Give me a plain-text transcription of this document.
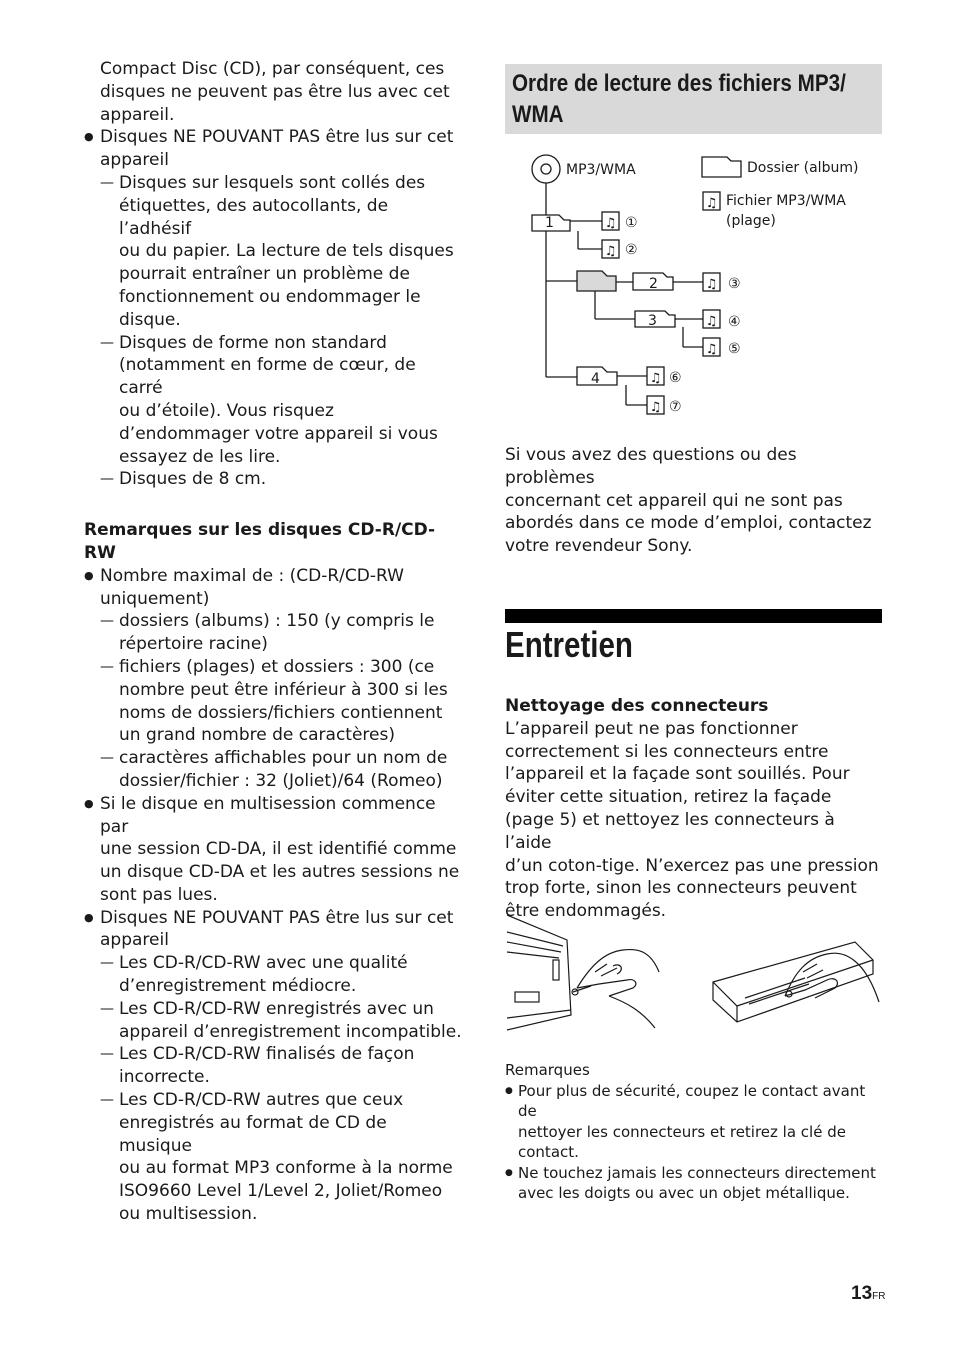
Compact Disc (CD), par conséquent, ces
disques ne peuvent pas être lus avec cet
appareil.

● Disques NE POUVANT PAS être lus sur cet
appareil

— Disques sur lesquels sont collés des
étiquettes, des autocollants, de l’adhésif
ou du papier. La lecture de tels disques
pourrait entraîner un problème de
fonctionnement ou endommager le
disque.

— Disques de forme non standard
(notamment en forme de cœur, de carré
ou d’étoile). Vous risquez
d’endommager votre appareil si vous
essayez de les lire.

— Disques de 8 cm.

Remarques sur les disques CD-R/CD-RW

● Nombre maximal de : (CD-R/CD-RW
uniquement)

— dossiers (albums) : 150 (y compris le
répertoire racine)

— fichiers (plages) et dossiers : 300 (ce
nombre peut être inférieur à 300 si les
noms de dossiers/fichiers contiennent
un grand nombre de caractères)

— caractères affichables pour un nom de
dossier/fichier : 32 (Joliet)/64 (Romeo)

● Si le disque en multisession commence par
une session CD-DA, il est identifié comme
un disque CD-DA et les autres sessions ne
sont pas lues.

● Disques NE POUVANT PAS être lus sur cet
appareil

— Les CD-R/CD-RW avec une qualité
d’enregistrement médiocre.

— Les CD-R/CD-RW enregistrés avec un
appareil d’enregistrement incompatible.

— Les CD-R/CD-RW finalisés de façon
incorrecte.

— Les CD-R/CD-RW autres que ceux
enregistrés au format de CD de musique
ou au format MP3 conforme à la norme
ISO9660 Level 1/Level 2, Joliet/Romeo
ou multisession.

Ordre de lecture des fichiers MP3/
WMA
♫
♫
♫
♫
♫
♫
♫
♫
MP3/WMA	Dossier (album)
Fichier MP3/WMA
(plage)
1
2
3
4
①
②
③
④
⑤
⑥
⑦
Si vous avez des questions ou des problèmes
concernant cet appareil qui ne sont pas
abordés dans ce mode d’emploi, contactez
votre revendeur Sony.
Entretien
Nettoyage des connecteurs

L’appareil peut ne pas fonctionner
correctement si les connecteurs entre
l’appareil et la façade sont souillés. Pour
éviter cette situation, retirez la façade
(page 5) et nettoyez les connecteurs à l’aide
d’un coton-tige. N’exercez pas une pression
trop forte, sinon les connecteurs peuvent
être endommagés.

Remarques

● Pour plus de sécurité, coupez le contact avant de
nettoyer les connecteurs et retirez la clé de
contact.

● Ne touchez jamais les connecteurs directement
avec les doigts ou avec un objet métallique.

13FR
